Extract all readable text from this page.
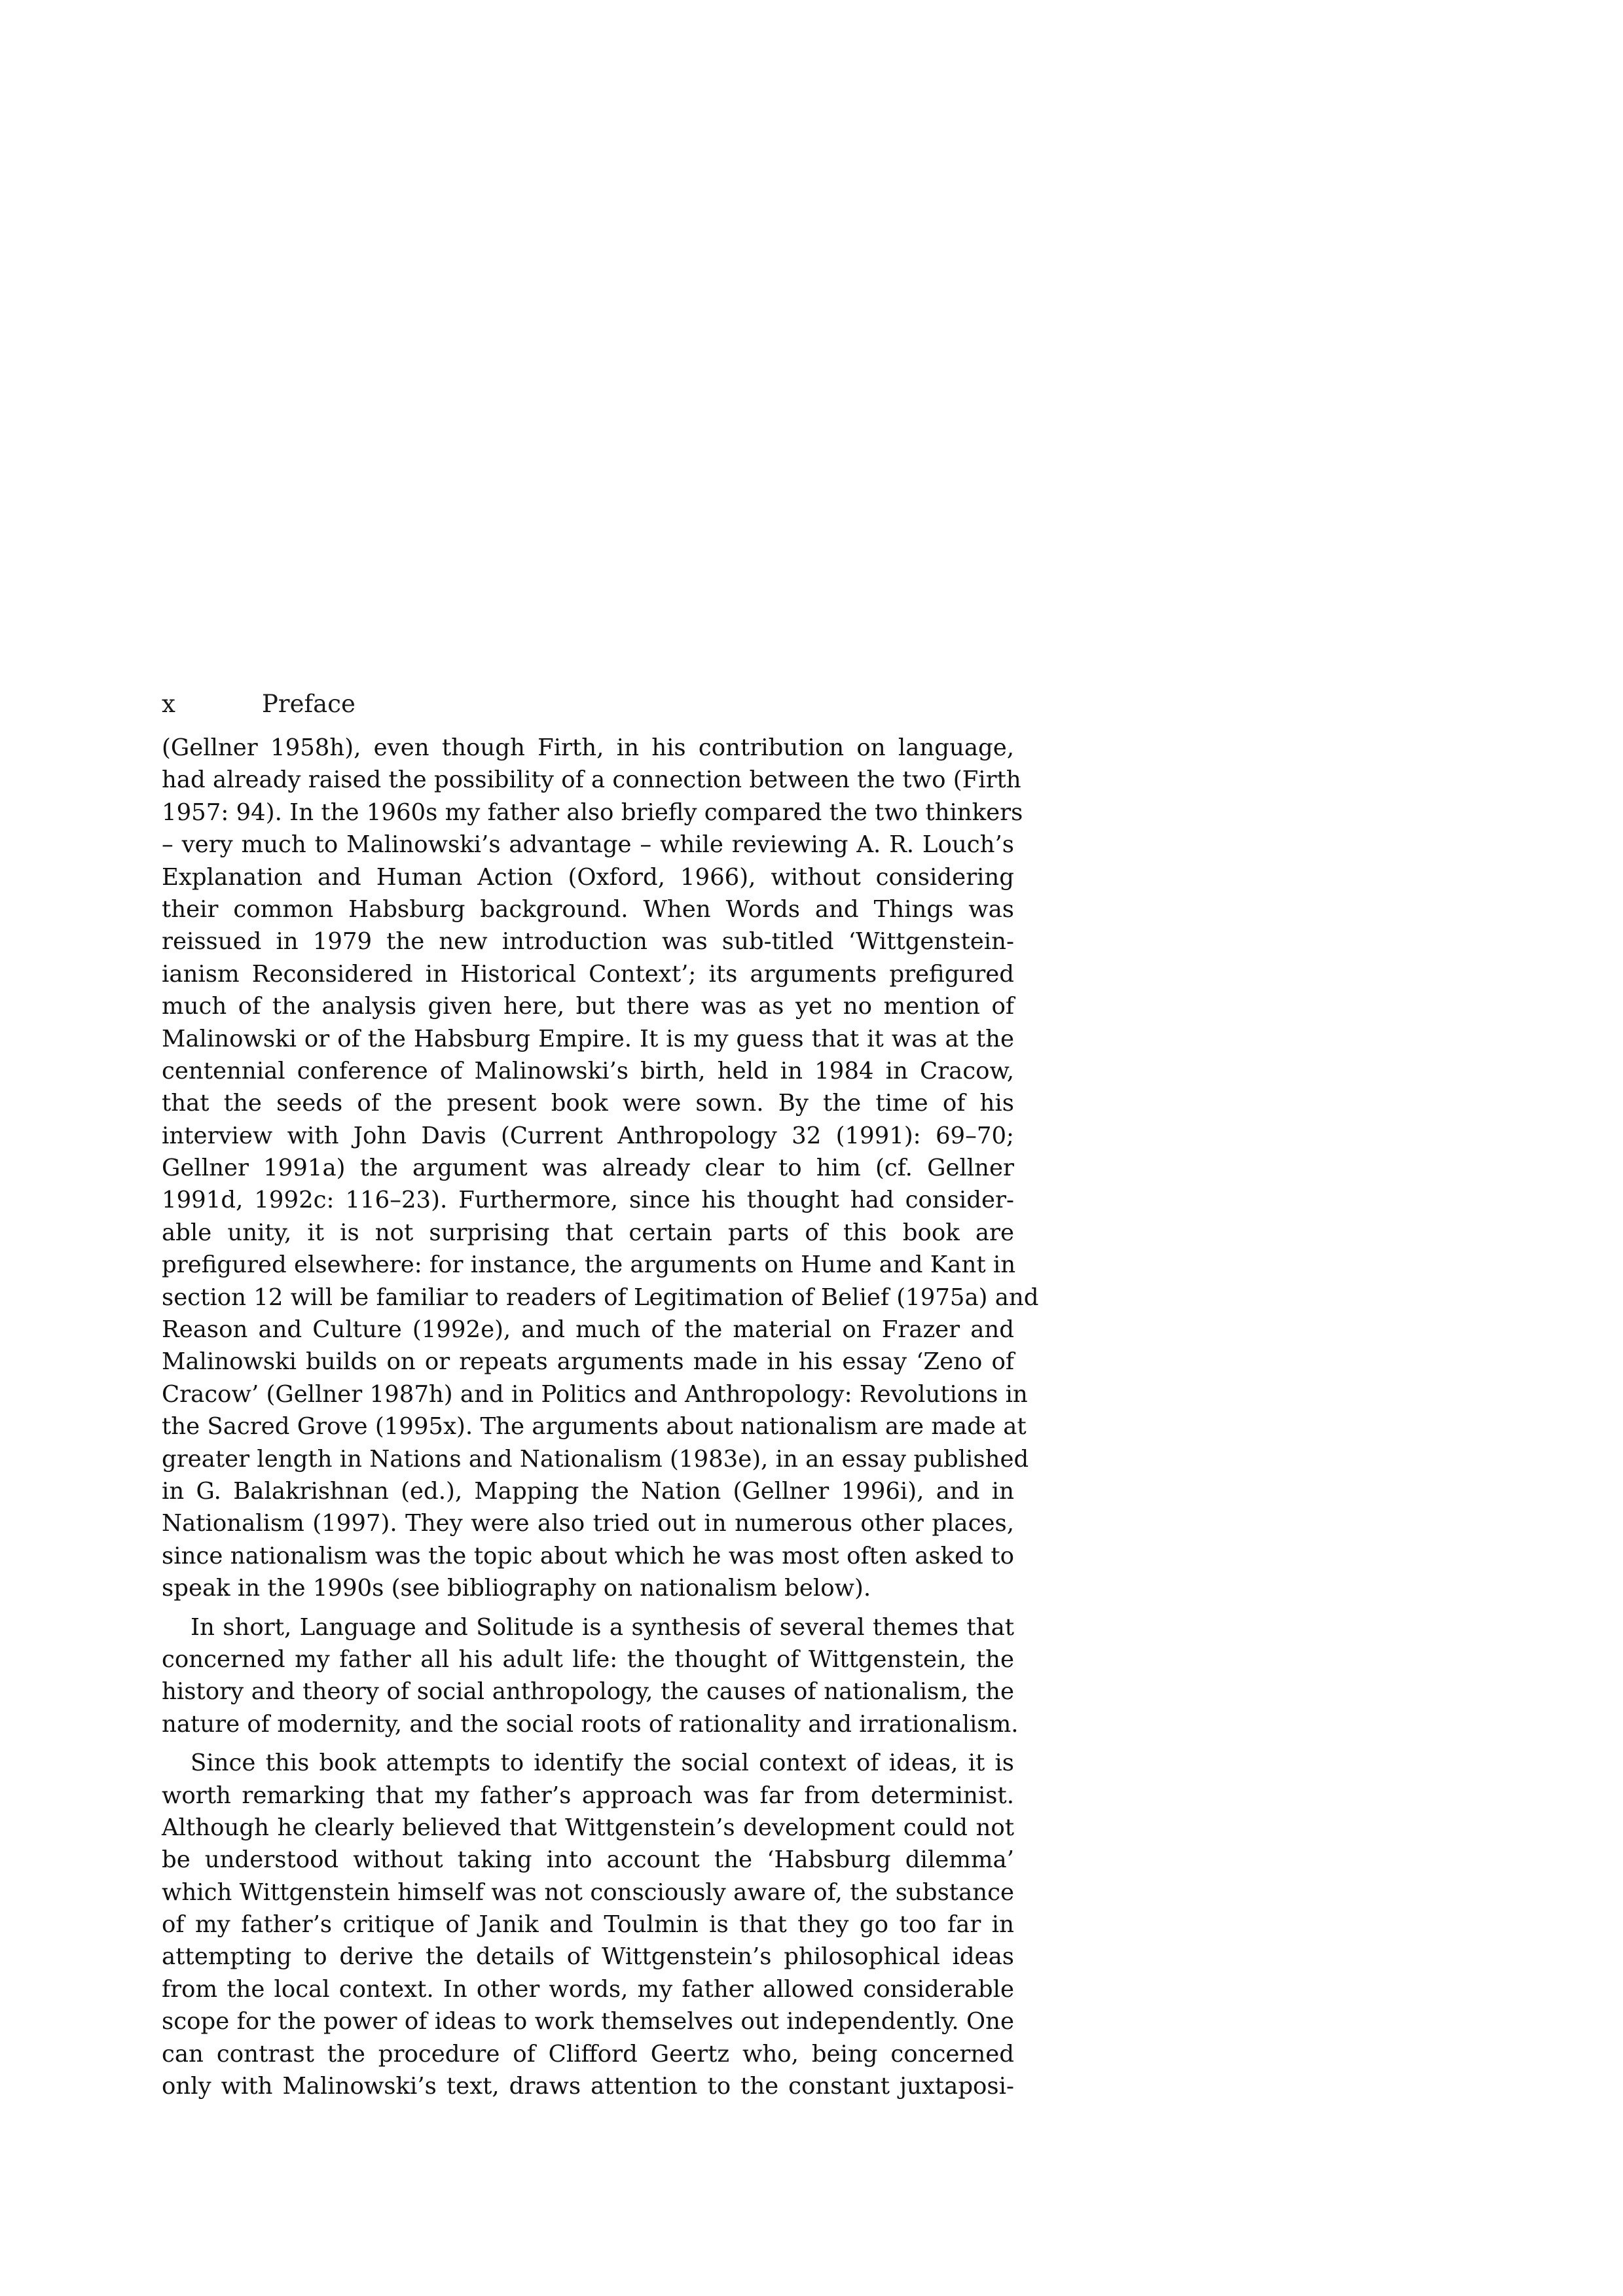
x	Preface
(Gellner 1958h), even though Firth, in his contribution on language,
had already raised the possibility of a connection between the two (Firth
1957: 94). In the 1960s my father also briefly compared the two thinkers
– very much to Malinowski’s advantage – while reviewing A. R. Louch’s
Explanation and Human Action (Oxford, 1966), without considering
their common Habsburg background. When Words and Things was
reissued in 1979 the new introduction was sub-titled ‘Wittgenstein-
ianism Reconsidered in Historical Context’; its arguments prefigured
much of the analysis given here, but there was as yet no mention of
Malinowski or of the Habsburg Empire. It is my guess that it was at the
centennial conference of Malinowski’s birth, held in 1984 in Cracow,
that the seeds of the present book were sown. By the time of his
interview with John Davis (Current Anthropology 32 (1991): 69–70;
Gellner 1991a) the argument was already clear to him (cf. Gellner
1991d, 1992c: 116–23). Furthermore, since his thought had consider-
able unity, it is not surprising that certain parts of this book are
prefigured elsewhere: for instance, the arguments on Hume and Kant in
section 12 will be familiar to readers of Legitimation of Belief (1975a) and
Reason and Culture (1992e), and much of the material on Frazer and
Malinowski builds on or repeats arguments made in his essay ‘Zeno of
Cracow’ (Gellner 1987h) and in Politics and Anthropology: Revolutions in
the Sacred Grove (1995x). The arguments about nationalism are made at
greater length in Nations and Nationalism (1983e), in an essay published
in G. Balakrishnan (ed.), Mapping the Nation (Gellner 1996i), and in
Nationalism (1997). They were also tried out in numerous other places,
since nationalism was the topic about which he was most often asked to
speak in the 1990s (see bibliography on nationalism below).
In short, Language and Solitude is a synthesis of several themes that
concerned my father all his adult life: the thought of Wittgenstein, the
history and theory of social anthropology, the causes of nationalism, the
nature of modernity, and the social roots of rationality and irrationalism.
Since this book attempts to identify the social context of ideas, it is
worth remarking that my father’s approach was far from determinist.
Although he clearly believed that Wittgenstein’s development could not
be understood without taking into account the ‘Habsburg dilemma’
which Wittgenstein himself was not consciously aware of, the substance
of my father’s critique of Janik and Toulmin is that they go too far in
attempting to derive the details of Wittgenstein’s philosophical ideas
from the local context. In other words, my father allowed considerable
scope for the power of ideas to work themselves out independently. One
can contrast the procedure of Clifford Geertz who, being concerned
only with Malinowski’s text, draws attention to the constant juxtaposi-
